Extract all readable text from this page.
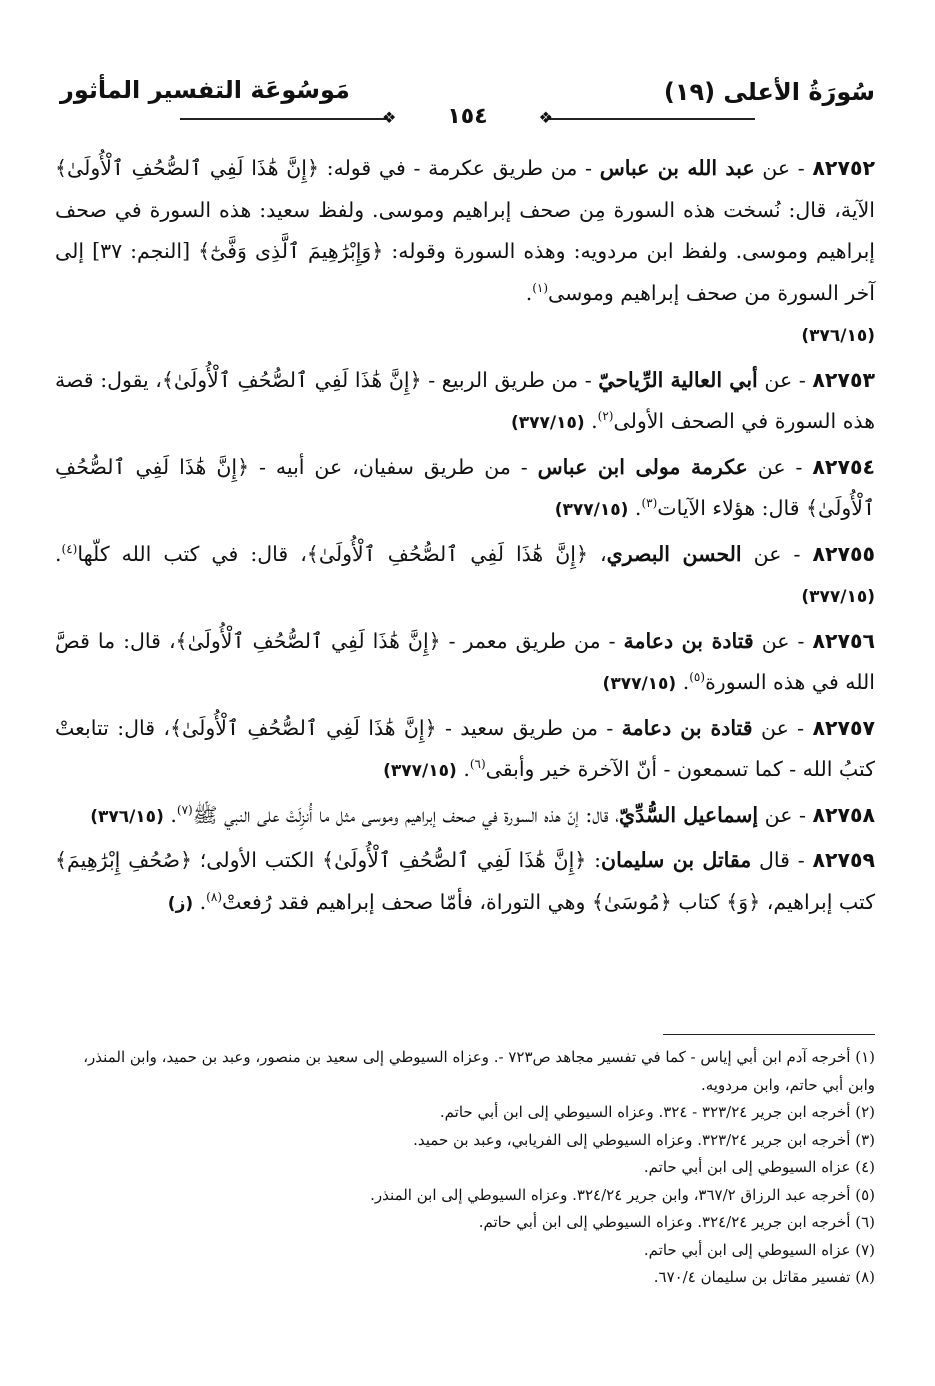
سُورَةُ الأعلى (١٩)
مَوسُوعَة التفسير المأثور
❖
❖	١٥٤

٨٢٧٥٢ - عن عبد الله بن عباس - من طريق عكرمة - في قوله: ﴿إِنَّ هَٰذَا لَفِي ٱلصُّحُفِ ٱلْأُولَىٰ﴾ الآية، قال: نُسخت هذه السورة مِن صحف إبراهيم وموسى. ولفظ سعيد: هذه السورة في صحف إبراهيم وموسى. ولفظ ابن مردويه: وهذه السورة وقوله: ﴿وَإِبْرَٰهِيمَ ٱلَّذِى وَفَّىٰٓ﴾ [النجم: ٣٧] إلى آخر السورة من صحف إبراهيم وموسى$^{(١)}$.
(٣٧٦/١٥)

٨٢٧٥٣ - عن أبي العالية الرِّياحيّ - من طريق الربيع - ﴿إِنَّ هَٰذَا لَفِي ٱلصُّحُفِ ٱلْأُولَىٰ﴾، يقول: قصة هذه السورة في الصحف الأولى$^{(٢)}$. (٣٧٧/١٥)

٨٢٧٥٤ - عن عكرمة مولى ابن عباس - من طريق سفيان، عن أبيه - ﴿إِنَّ هَٰذَا لَفِي ٱلصُّحُفِ ٱلْأُولَىٰ﴾ قال: هؤلاء الآيات$^{(٣)}$. (٣٧٧/١٥)

٨٢٧٥٥ - عن الحسن البصري، ﴿إِنَّ هَٰذَا لَفِي ٱلصُّحُفِ ٱلْأُولَىٰ﴾، قال: في كتب الله كلّها$^{(٤)}$. (٣٧٧/١٥)

٨٢٧٥٦ - عن قتادة بن دعامة - من طريق معمر - ﴿إِنَّ هَٰذَا لَفِي ٱلصُّحُفِ ٱلْأُولَىٰ﴾، قال: ما قصَّ الله في هذه السورة$^{(٥)}$. (٣٧٧/١٥)

٨٢٧٥٧ - عن قتادة بن دعامة - من طريق سعيد - ﴿إِنَّ هَٰذَا لَفِي ٱلصُّحُفِ ٱلْأُولَىٰ﴾، قال: تتابعتْ كتبُ الله - كما تسمعون - أنّ الآخرة خير وأبقى$^{(٦)}$. (٣٧٧/١٥)

٨٢٧٥٨ - عن إسماعيل السُّدِّيّ، قال: إنّ هذه السورة في صحف إبراهيم وموسى مثل ما أُنزِلَتْ على النبي ﷺ$^{(٧)}$. (٣٧٦/١٥)

٨٢٧٥٩ - قال مقاتل بن سليمان: ﴿إِنَّ هَٰذَا لَفِي ٱلصُّحُفِ ٱلْأُولَىٰ﴾ الكتب الأولى؛ ﴿صُحُفِ إِبْرَٰهِيمَ﴾ كتب إبراهيم، ﴿وَ﴾ كتاب ﴿مُوسَىٰ﴾ وهي التوراة، فأمّا صحف إبراهيم فقد رُفعتْ$^{(٨)}$. (ز)

(١) أخرجه آدم ابن أبي إياس - كما في تفسير مجاهد ص٧٢٣ -. وعزاه السيوطي إلى سعيد بن منصور، وعبد بن حميد، وابن المنذر، وابن أبي حاتم، وابن مردويه.

(٢) أخرجه ابن جرير ٣٢٣/٢٤ - ٣٢٤. وعزاه السيوطي إلى ابن أبي حاتم.

(٣) أخرجه ابن جرير ٣٢٣/٢٤. وعزاه السيوطي إلى الفريابي، وعبد بن حميد.

(٤) عزاه السيوطي إلى ابن أبي حاتم.

(٥) أخرجه عبد الرزاق ٣٦٧/٢، وابن جرير ٣٢٤/٢٤. وعزاه السيوطي إلى ابن المنذر.

(٦) أخرجه ابن جرير ٣٢٤/٢٤. وعزاه السيوطي إلى ابن أبي حاتم.

(٧) عزاه السيوطي إلى ابن أبي حاتم.

(٨) تفسير مقاتل بن سليمان ٦٧٠/٤.
